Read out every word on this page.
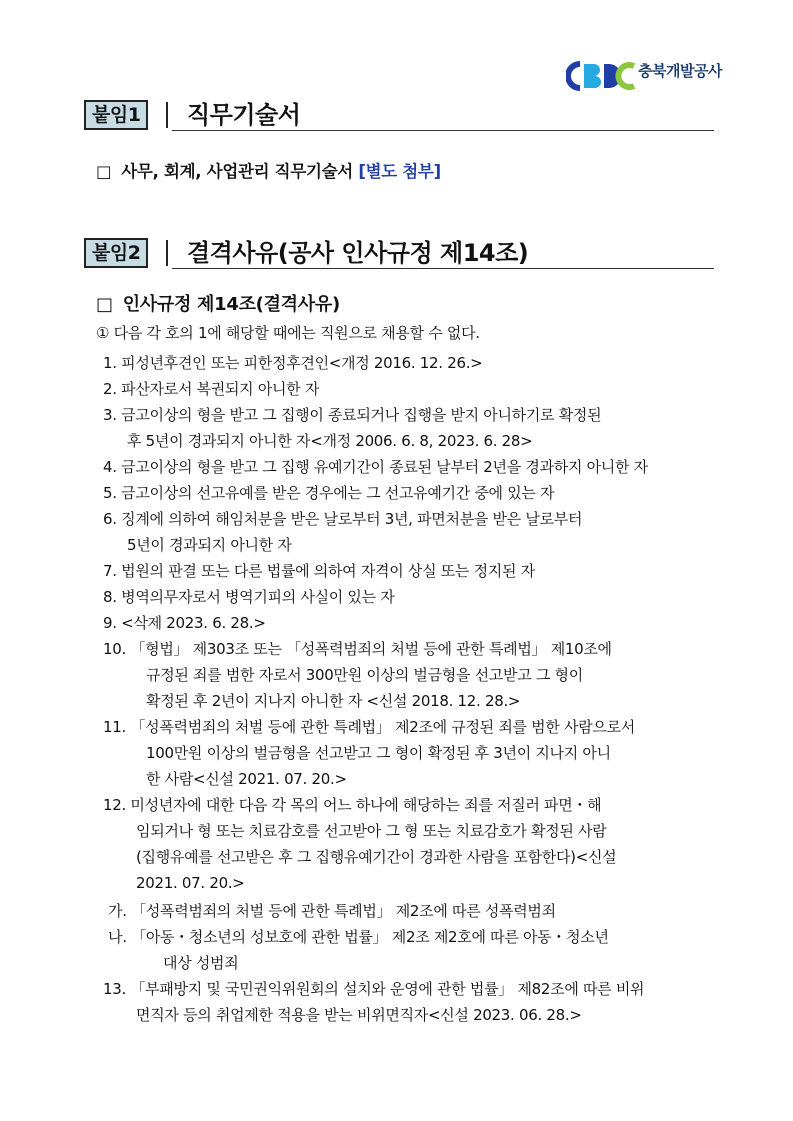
충북개발공사
붙임1	직무기술서
□ 사무, 회계, 사업관리 직무기술서 [별도 첨부]
붙임2	결격사유(공사 인사규정 제14조)
□ 인사규정 제14조(결격사유)
① 다음 각 호의 1에 해당할 때에는 직원으로 채용할 수 없다.
1. 피성년후견인 또는 피한정후견인<개정 2016. 12. 26.>
2. 파산자로서 복권되지 아니한 자
3. 금고이상의 형을 받고 그 집행이 종료되거나 집행을 받지 아니하기로 확정된
후 5년이 경과되지 아니한 자<개정 2006. 6. 8, 2023. 6. 28>
4. 금고이상의 형을 받고 그 집행 유예기간이 종료된 날부터 2년을 경과하지 아니한 자
5. 금고이상의 선고유예를 받은 경우에는 그 선고유예기간 중에 있는 자
6. 징계에 의하여 해임처분을 받은 날로부터 3년, 파면처분을 받은 날로부터
5년이 경과되지 아니한 자
7. 법원의 판결 또는 다른 법률에 의하여 자격이 상실 또는 정지된 자
8. 병역의무자로서 병역기피의 사실이 있는 자
9. <삭제 2023. 6. 28.>
10. 「형법」 제303조 또는 「성폭력범죄의 처벌 등에 관한 특례법」 제10조에
규정된 죄를 범한 자로서 300만원 이상의 벌금형을 선고받고 그 형이
확정된 후 2년이 지나지 아니한 자 <신설 2018. 12. 28.>
11. 「성폭력범죄의 처벌 등에 관한 특례법」 제2조에 규정된 죄를 범한 사람으로서
100만원 이상의 벌금형을 선고받고 그 형이 확정된 후 3년이 지나지 아니
한 사람<신설 2021. 07. 20.>
12. 미성년자에 대한 다음 각 목의 어느 하나에 해당하는 죄를 저질러 파면・해
임되거나 형 또는 치료감호를 선고받아 그 형 또는 치료감호가 확정된 사람
(집행유예를 선고받은 후 그 집행유예기간이 경과한 사람을 포함한다)<신설
2021. 07. 20.>
가. 「성폭력범죄의 처벌 등에 관한 특례법」 제2조에 따른 성폭력범죄
나. 「아동・청소년의 성보호에 관한 법률」 제2조 제2호에 따른 아동・청소년
대상 성범죄
13. 「부패방지 및 국민권익위원회의 설치와 운영에 관한 법률」 제82조에 따른 비위
면직자 등의 취업제한 적용을 받는 비위면직자<신설 2023. 06. 28.>
